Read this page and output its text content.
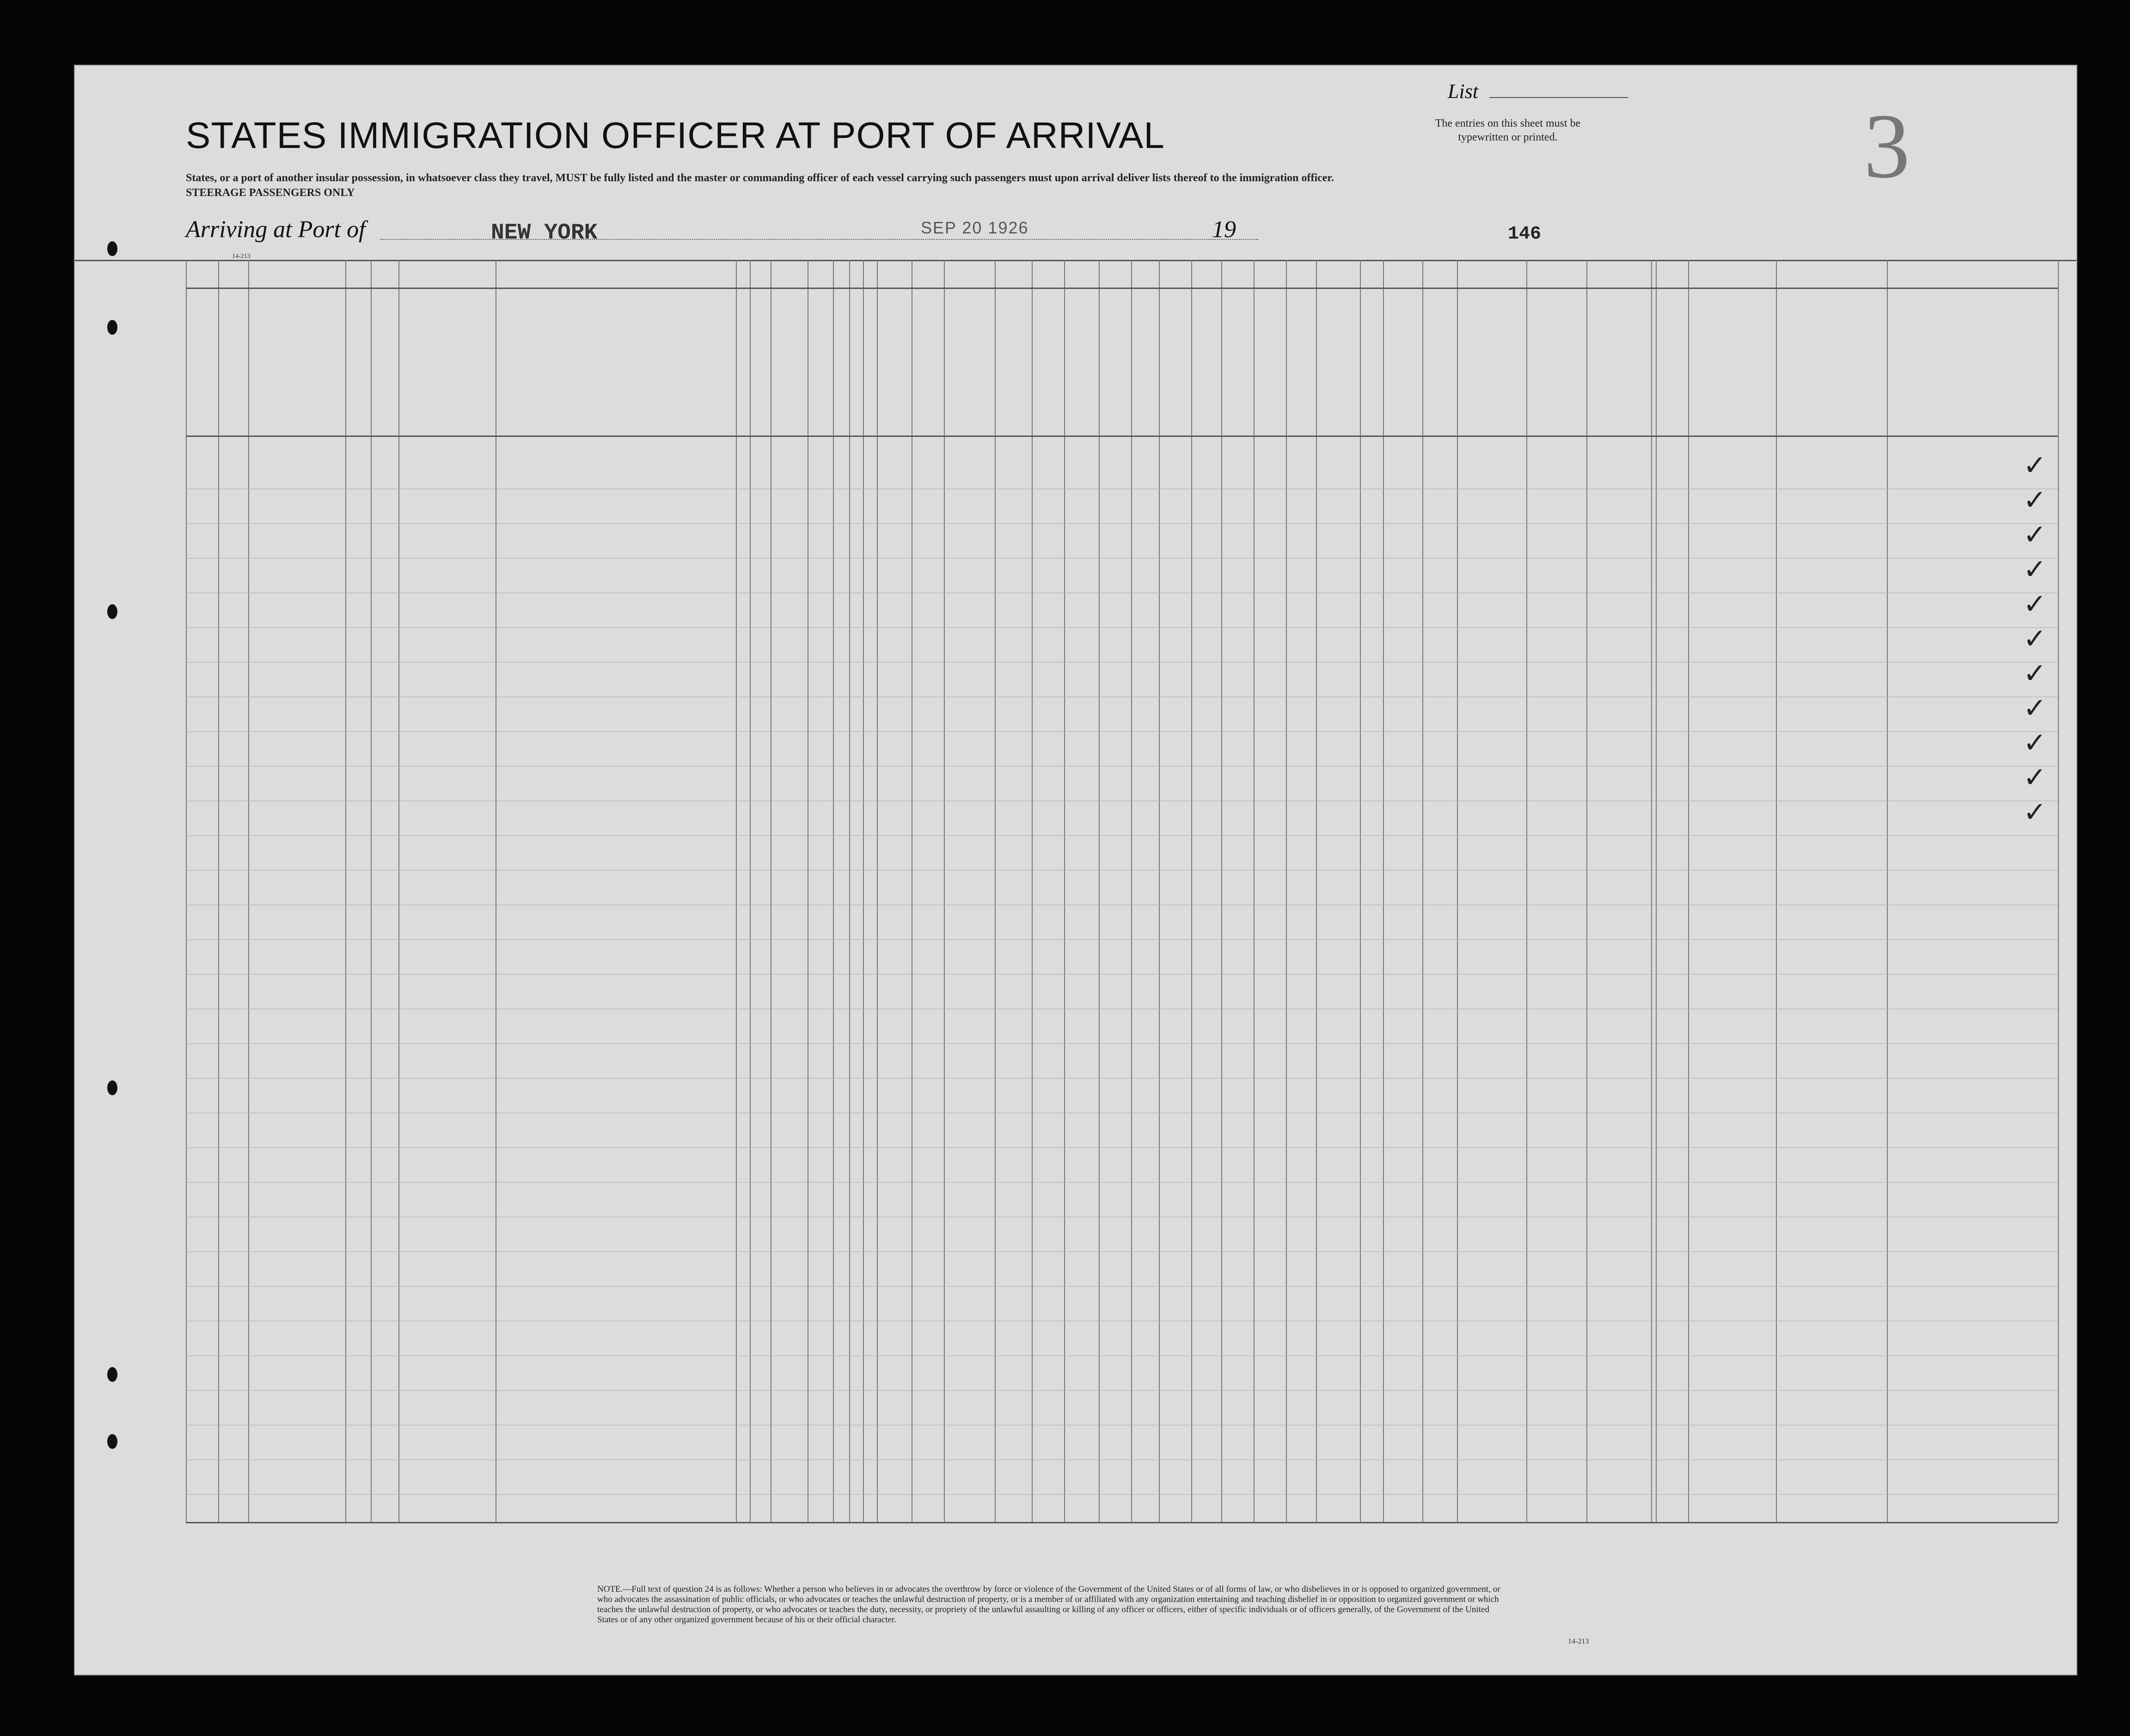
14-213
STATES IMMIGRATION OFFICER AT PORT OF ARRIVAL
States, or a port of another insular possession, in whatsoever class they travel, MUST be fully listed and the master or commanding officer of each vessel carrying such passengers must upon arrival deliver lists thereof to the immigration officer.
STEERAGE PASSENGERS ONLY
List
The entries on this sheet must be typewritten or printed.	3
Arriving at Port of	NEW YORK	SEP 20 1926	19	146
NOTE.—Full text of question 24 is as follows: Whether a person who believes in or advocates the overthrow by force or violence of the Government of the United States or of all forms of law, or who disbelieves in or is opposed to organized government, or who advocates the assassination of public officials, or who advocates or teaches the unlawful destruction of property, or is a member of or affiliated with any organization entertaining and teaching disbelief in or opposition to organized government or which teaches the unlawful destruction of property, or who advocates or teaches the duty, necessity, or propriety of the unlawful assaulting or killing of any officer or officers, either of specific individuals or of officers generally, of the Government of the United States or of any other organized government because of his or their official character.
14-213
✓
✓
✓
✓
✓
✓
✓
✓
✓
✓
✓
